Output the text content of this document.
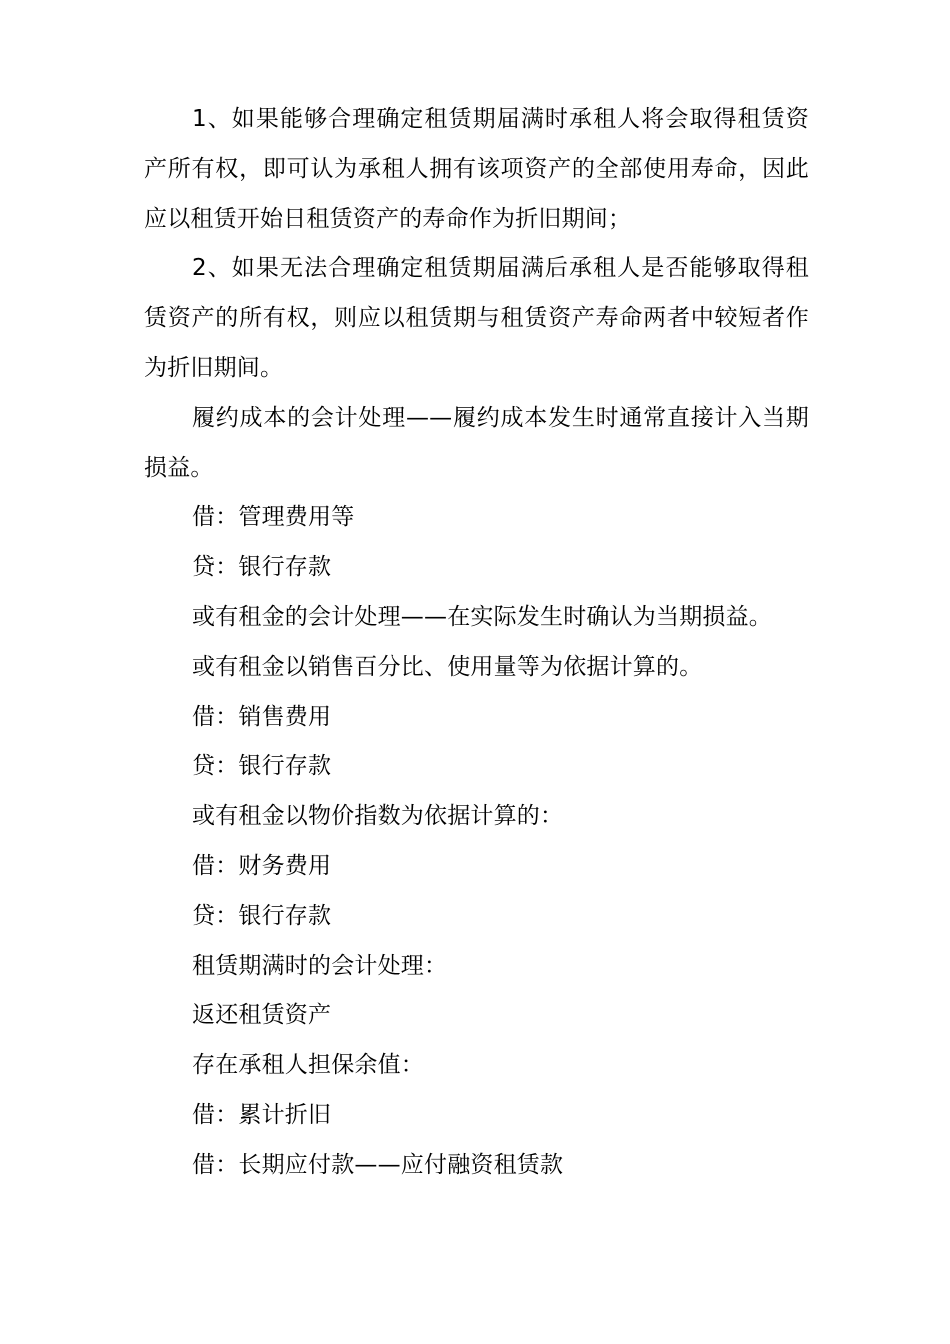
1、如果能够合理确定租赁期届满时承租人将会取得租赁资产所有权，即可认为承租人拥有该项资产的全部使用寿命，因此应以租赁开始日租赁资产的寿命作为折旧期间；

2、如果无法合理确定租赁期届满后承租人是否能够取得租赁资产的所有权，则应以租赁期与租赁资产寿命两者中较短者作为折旧期间。

履约成本的会计处理——履约成本发生时通常直接计入当期损益。

借：管理费用等

贷：银行存款

或有租金的会计处理——在实际发生时确认为当期损益。

或有租金以销售百分比、使用量等为依据计算的。

借：销售费用

贷：银行存款

或有租金以物价指数为依据计算的：

借：财务费用

贷：银行存款

租赁期满时的会计处理：

返还租赁资产

存在承租人担保余值：

借：累计折旧

借：长期应付款——应付融资租赁款
